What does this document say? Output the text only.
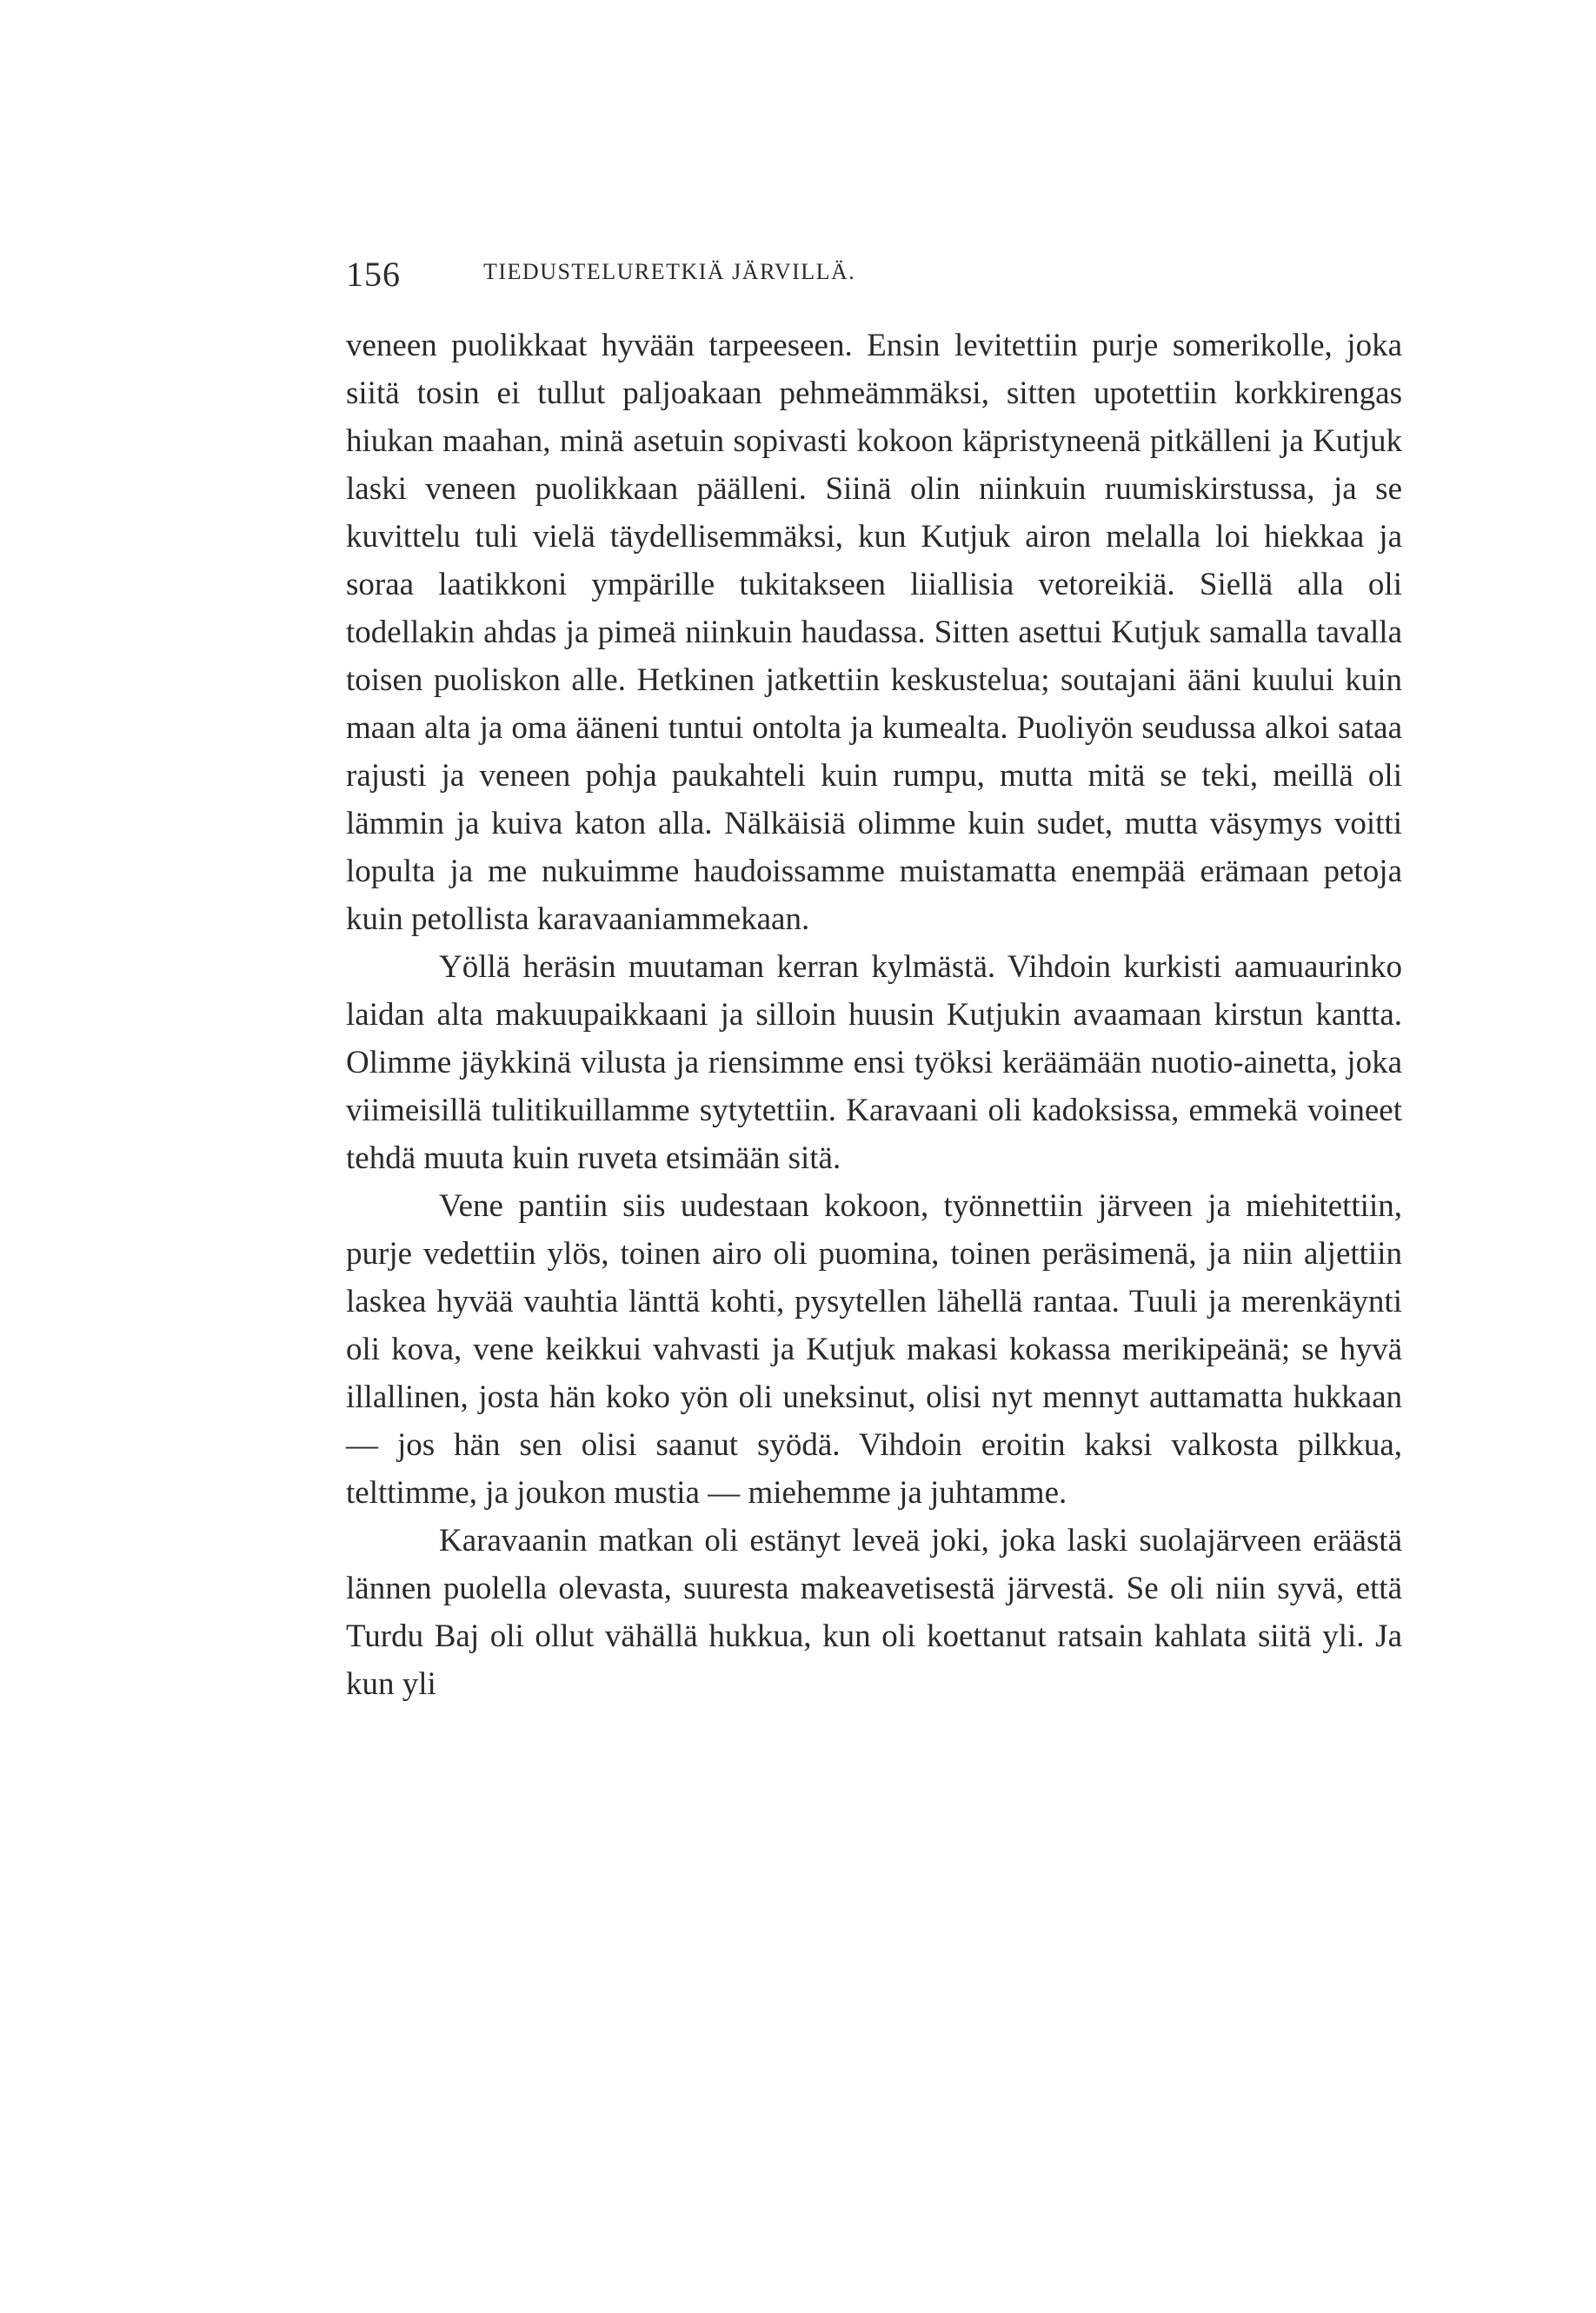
156	TIEDUSTELURETKIÄ JÄRVILLÄ.

veneen puolikkaat hyvään tarpeeseen. Ensin levitettiin purje somerikolle, joka siitä tosin ei tullut paljoakaan pehmeämmäksi, sitten upotettiin korkkirengas hiukan maahan, minä asetuin sopivasti kokoon käpristyneenä pitkälleni ja Kutjuk laski veneen puolikkaan päälleni. Siinä olin niinkuin ruumiskirstussa, ja se kuvittelu tuli vielä täydellisemmäksi, kun Kutjuk airon melalla loi hiekkaa ja soraa laatikkoni ympärille tukitakseen liiallisia vetoreikiä. Siellä alla oli todellakin ahdas ja pimeä niinkuin haudassa. Sitten asettui Kutjuk samalla tavalla toisen puoliskon alle. Hetkinen jatkettiin keskustelua; soutajani ääni kuului kuin maan alta ja oma ääneni tuntui ontolta ja kumealta. Puoliyön seudussa alkoi sataa rajusti ja veneen pohja paukahteli kuin rumpu, mutta mitä se teki, meillä oli lämmin ja kuiva katon alla. Nälkäisiä olimme kuin sudet, mutta väsymys voitti lopulta ja me nukuimme haudoissamme muistamatta enempää erämaan petoja kuin petollista karavaaniammekaan.

Yöllä heräsin muutaman kerran kylmästä. Vihdoin kurkisti aamuaurinko laidan alta makuupaikkaani ja silloin huusin Kutjukin avaamaan kirstun kantta. Olimme jäykkinä vilusta ja riensimme ensi työksi keräämään nuotio-ainetta, joka viimeisillä tulitikuillamme sytytettiin. Karavaani oli kadoksissa, emmekä voineet tehdä muuta kuin ruveta etsimään sitä.

Vene pantiin siis uudestaan kokoon, työnnettiin järveen ja miehitettiin, purje vedettiin ylös, toinen airo oli puomina, toinen peräsimenä, ja niin aljettiin laskea hyvää vauhtia länttä kohti, pysytellen lähellä rantaa. Tuuli ja merenkäynti oli kova, vene keikkui vahvasti ja Kutjuk makasi kokassa merikipeänä; se hyvä illallinen, josta hän koko yön oli uneksinut, olisi nyt mennyt auttamatta hukkaan — jos hän sen olisi saanut syödä. Vihdoin eroitin kaksi valkosta pilkkua, telttimme, ja joukon mustia — miehemme ja juhtamme.

Karavaanin matkan oli estänyt leveä joki, joka laski suolajärveen eräästä lännen puolella olevasta, suuresta makeavetisestä järvestä. Se oli niin syvä, että Turdu Baj oli ollut vähällä hukkua, kun oli koettanut ratsain kahlata siitä yli. Ja kun yli
